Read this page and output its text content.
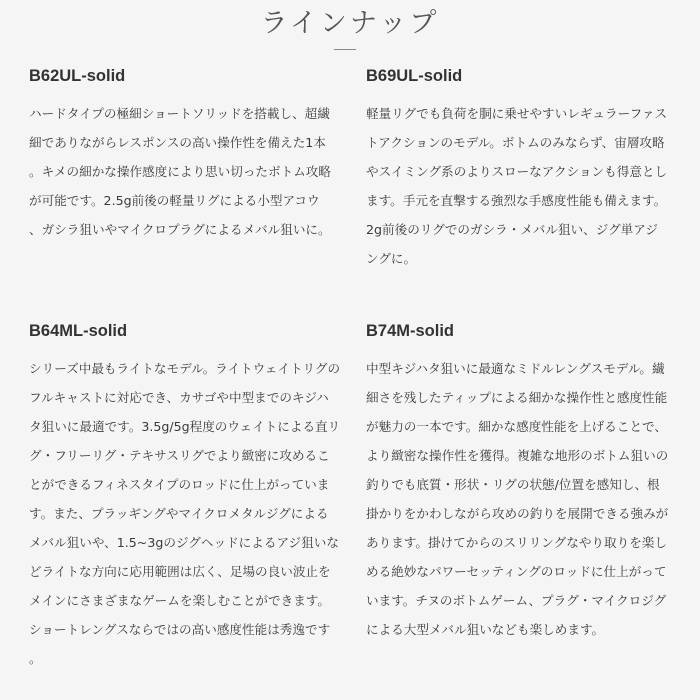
ラインナップ
B62UL-solid

ハードタイプの極細ショートソリッドを搭載し、超繊細でありながらレスポンスの高い操作性を備えた1本。キメの細かな操作感度により思い切ったボトム攻略が可能です。2.5g前後の軽量リグによる小型アコウ、ガシラ狙いやマイクロプラグによるメバル狙いに。

B69UL-solid

軽量リグでも負荷を胴に乗せやすいレギュラーファストアクションのモデル。ボトムのみならず、宙層攻略やスイミング系のよりスローなアクションも得意とします。手元を直撃する強烈な手感度性能も備えます。2g前後のリグでのガシラ・メバル狙い、ジグ単アジングに。

B64ML-solid

シリーズ中最もライトなモデル。ライトウェイトリグのフルキャストに対応でき、カサゴや中型までのキジハタ狙いに最適です。3.5g/5g程度のウェイトによる直リグ・フリーリグ・テキサスリグでより緻密に攻めることができるフィネスタイプのロッドに仕上がっています。また、プラッギングやマイクロメタルジグによるメバル狙いや、1.5~3gのジグヘッドによるアジ狙いなどライトな方向に応用範囲は広く、足場の良い波止をメインにさまざまなゲームを楽しむことができます。ショートレングスならではの高い感度性能は秀逸です。

B74M-solid

中型キジハタ狙いに最適なミドルレングスモデル。繊細さを残したティップによる細かな操作性と感度性能が魅力の一本です。細かな感度性能を上げることで、より緻密な操作性を獲得。複雑な地形のボトム狙いの釣りでも底質・形状・リグの状態/位置を感知し、根掛かりをかわしながら攻めの釣りを展開できる強みがあります。掛けてからのスリリングなやり取りを楽しめる絶妙なパワーセッティングのロッドに仕上がっています。チヌのボトムゲーム、プラグ・マイクロジグによる大型メバル狙いなども楽しめます。
